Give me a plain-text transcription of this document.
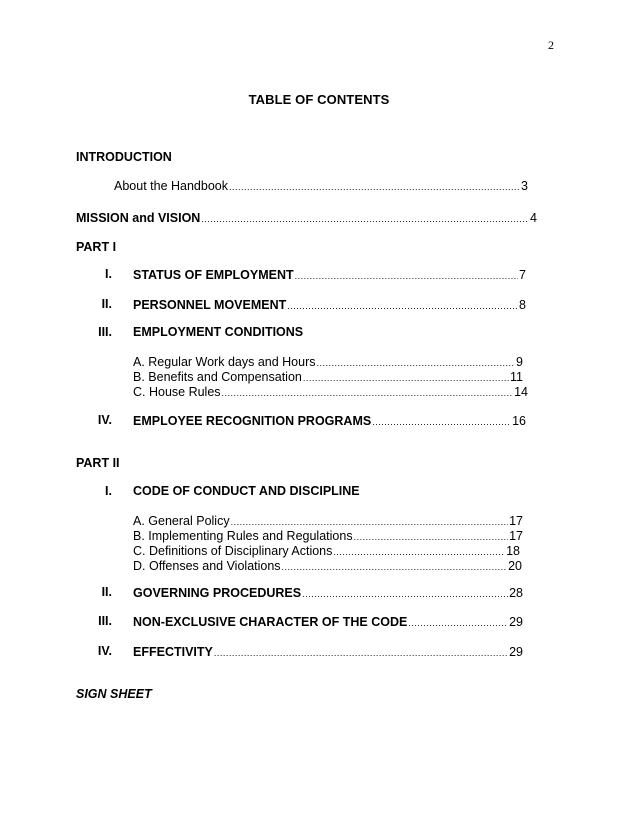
2
TABLE OF CONTENTS
INTRODUCTION
About the Handbook .....	3
MISSION and VISION .....	4
PART I
I. STATUS OF EMPLOYMENT .....	7
II. PERSONNEL MOVEMENT .....	8
III. EMPLOYMENT CONDITIONS
A. Regular Work days and Hours .....	9
B. Benefits and Compensation .....	11
C. House Rules .....	14
IV. EMPLOYEE RECOGNITION PROGRAMS .....	16
PART II
I. CODE OF CONDUCT AND DISCIPLINE
A. General Policy .....	17
B. Implementing Rules and Regulations .....	17
C. Definitions of Disciplinary Actions .....	18
D. Offenses and Violations .....	20
II. GOVERNING PROCEDURES .....	28
III. NON-EXCLUSIVE CHARACTER OF THE CODE .....	29
IV. EFFECTIVITY .....	29
SIGN SHEET
